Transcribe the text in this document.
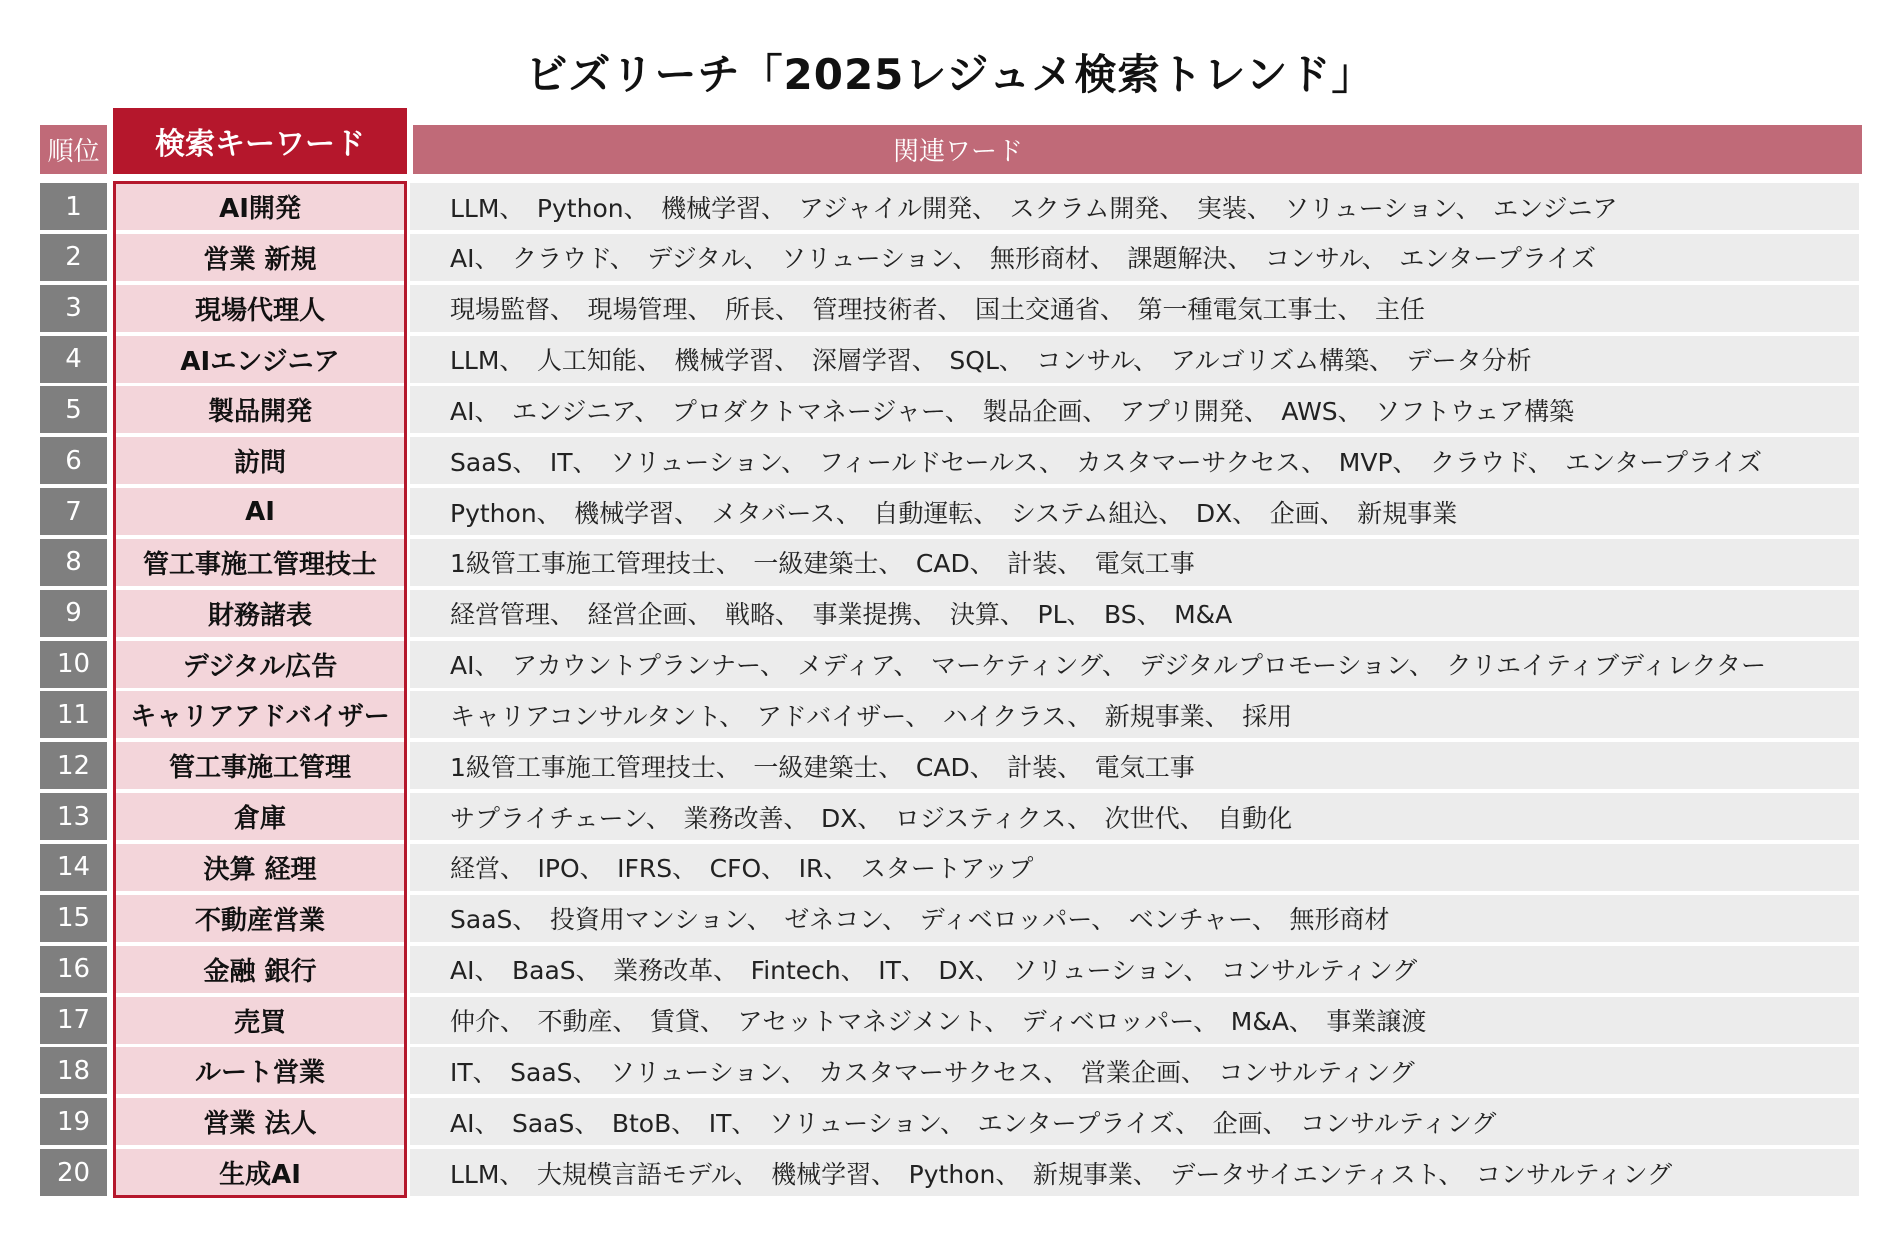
ビズリーチ「2025レジュメ検索トレンド」
順位	検索キーワード	関連ワード
1	AI開発	LLM、　Python、　機械学習、　アジャイル開発、　スクラム開発、　実装、　ソリューション、　エンジニア
2	営業 新規	AI、　クラウド、　デジタル、　ソリューション、　無形商材、　課題解決、　コンサル、　エンタープライズ
3	現場代理人	現場監督、　現場管理、　所長、　管理技術者、　国土交通省、　第一種電気工事士、　主任
4	AIエンジニア	LLM、　人工知能、　機械学習、　深層学習、　SQL、　コンサル、　アルゴリズム構築、　データ分析
5	製品開発	AI、　エンジニア、　プロダクトマネージャー、　製品企画、　アプリ開発、　AWS、　ソフトウェア構築
6	訪問	SaaS、　IT、　ソリューション、　フィールドセールス、　カスタマーサクセス、　MVP、　クラウド、　エンタープライズ
7	AI	Python、　機械学習、　メタバース、　自動運転、　システム組込、　DX、　企画、　新規事業
8	管工事施工管理技士	1級管工事施工管理技士、　一級建築士、　CAD、　計装、　電気工事
9	財務諸表	経営管理、　経営企画、　戦略、　事業提携、　決算、　PL、　BS、　M&A
10	デジタル広告	AI、　アカウントプランナー、　メディア、　マーケティング、　デジタルプロモーション、　クリエイティブディレクター
11	キャリアアドバイザー	キャリアコンサルタント、　アドバイザー、　ハイクラス、　新規事業、　採用
12	管工事施工管理	1級管工事施工管理技士、　一級建築士、　CAD、　計装、　電気工事
13	倉庫	サプライチェーン、　業務改善、　DX、　ロジスティクス、　次世代、　自動化
14	決算 経理	経営、　IPO、　IFRS、　CFO、　IR、　スタートアップ
15	不動産営業	SaaS、　投資用マンション、　ゼネコン、　ディベロッパー、　ベンチャー、　無形商材
16	金融 銀行	AI、　BaaS、　業務改革、　Fintech、　IT、　DX、　ソリューション、　コンサルティング
17	売買	仲介、　不動産、　賃貸、　アセットマネジメント、　ディベロッパー、　M&A、　事業譲渡
18	ルート営業	IT、　SaaS、　ソリューション、　カスタマーサクセス、　営業企画、　コンサルティング
19	営業 法人	AI、　SaaS、　BtoB、　IT、　ソリューション、　エンタープライズ、　企画、　コンサルティング
20	生成AI	LLM、　大規模言語モデル、　機械学習、　Python、　新規事業、　データサイエンティスト、　コンサルティング
